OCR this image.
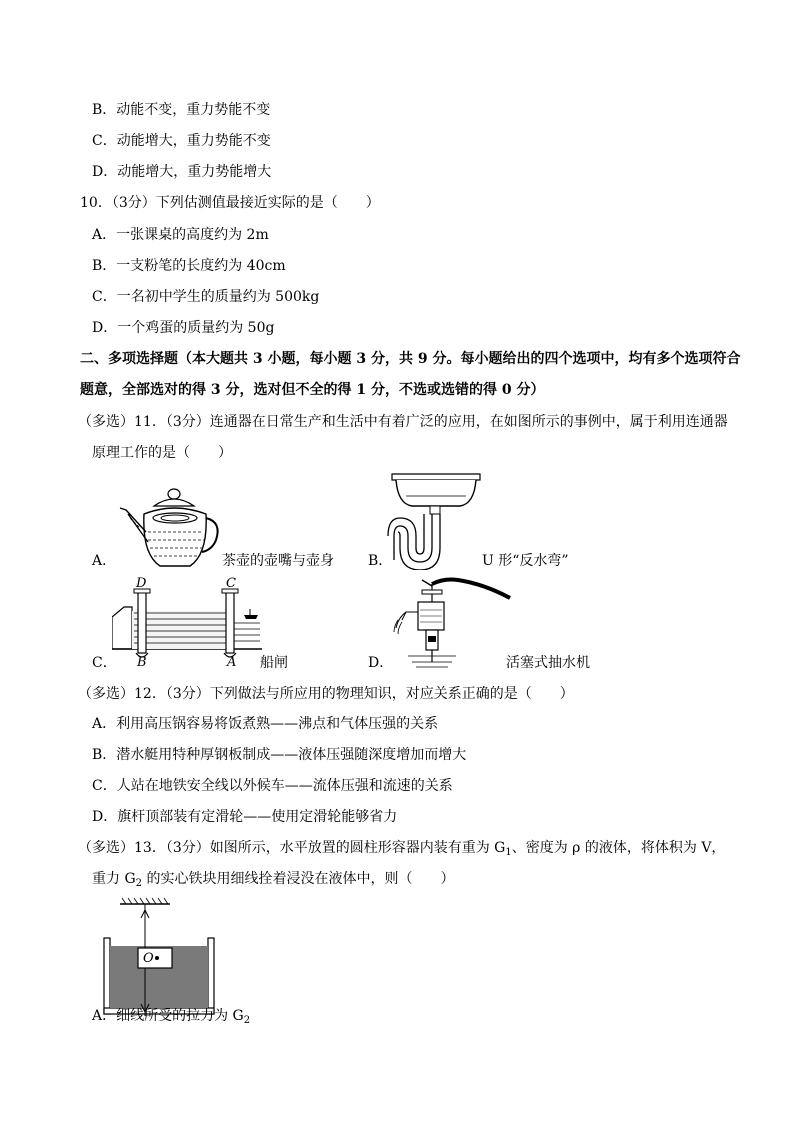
B．动能不变，重力势能不变
C．动能增大，重力势能不变
D．动能增大，重力势能增大
10．（3分）下列估测值最接近实际的是（　　）
A．一张课桌的高度约为 2m
B．一支粉笔的长度约为 40cm
C．一名初中学生的质量约为 500kg
D．一个鸡蛋的质量约为 50g
二、多项选择题（本大题共 3 小题，每小题 3 分，共 9 分。每小题给出的四个选项中，均有多个选项符合
题意，全部选对的得 3 分，选对但不全的得 1 分，不选或选错的得 0 分）
（多选）11．（3分）连通器在日常生产和生活中有着广泛的应用，在如图所示的事例中，属于利用连通器
原理工作的是（　　）
A．	茶壶的壶嘴与壶身 B．	U 形“反水弯”
C．
D	C
B	A 船闸	D．	活塞式抽水机
（多选）12．（3分）下列做法与所应用的物理知识，对应关系正确的是（　　）
A．利用高压锅容易将饭煮熟——沸点和气体压强的关系
B．潜水艇用特种厚钢板制成——液体压强随深度增加而增大
C．人站在地铁安全线以外候车——流体压强和流速的关系
D．旗杆顶部装有定滑轮——使用定滑轮能够省力
（多选）13．（3分）如图所示，水平放置的圆柱形容器内装有重为 $G_1$、密度为 ρ 的液体，将体积为 V，
重力 $G_2$ 的实心铁块用细线拴着浸没在液体中，则（　　）
O
A．细线所受的拉力为 $G_2$
